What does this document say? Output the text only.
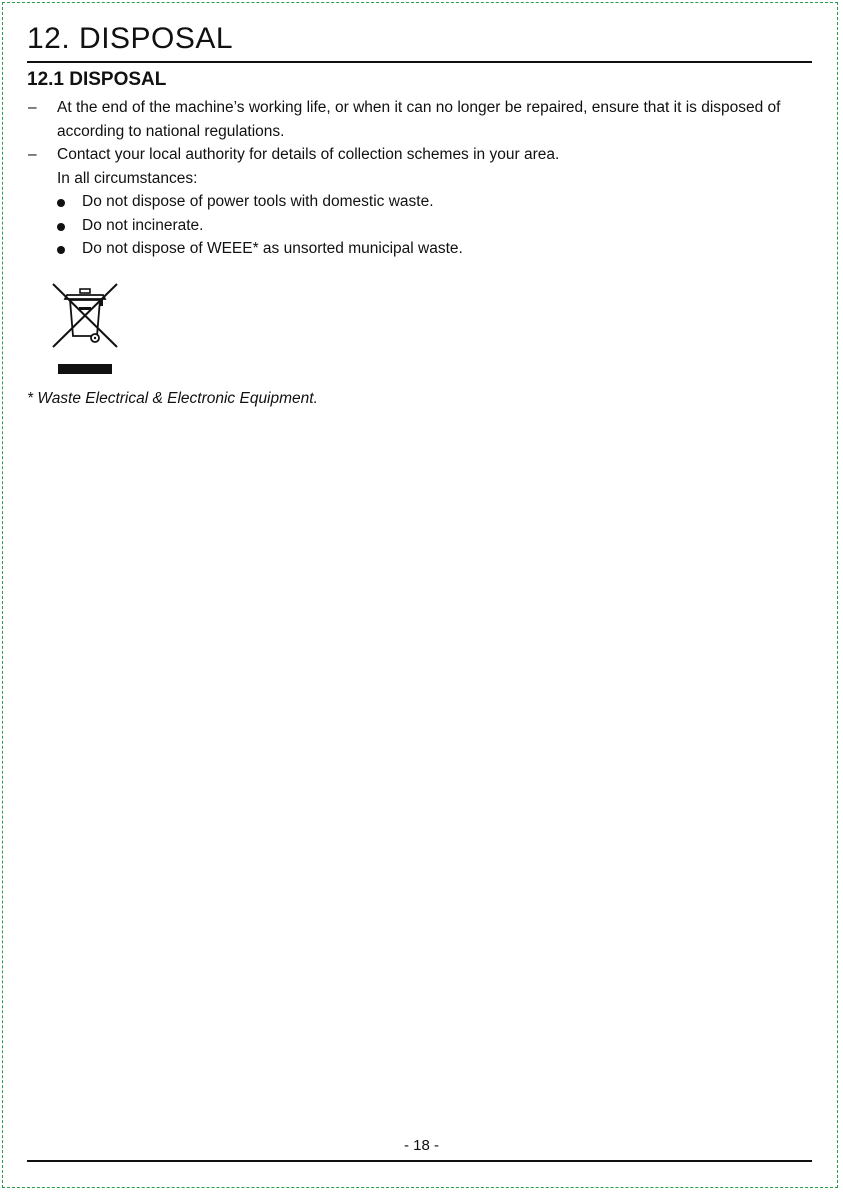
12. DISPOSAL
12.1 DISPOSAL
– At the end of the machine’s working life, or when it can no longer be repaired, ensure that it is disposed of according to national regulations.
– Contact your local authority for details of collection schemes in your area.
In all circumstances:
Do not dispose of power tools with domestic waste.
Do not incinerate.
Do not dispose of WEEE* as unsorted municipal waste.
* Waste Electrical & Electronic Equipment.
- 18 -
